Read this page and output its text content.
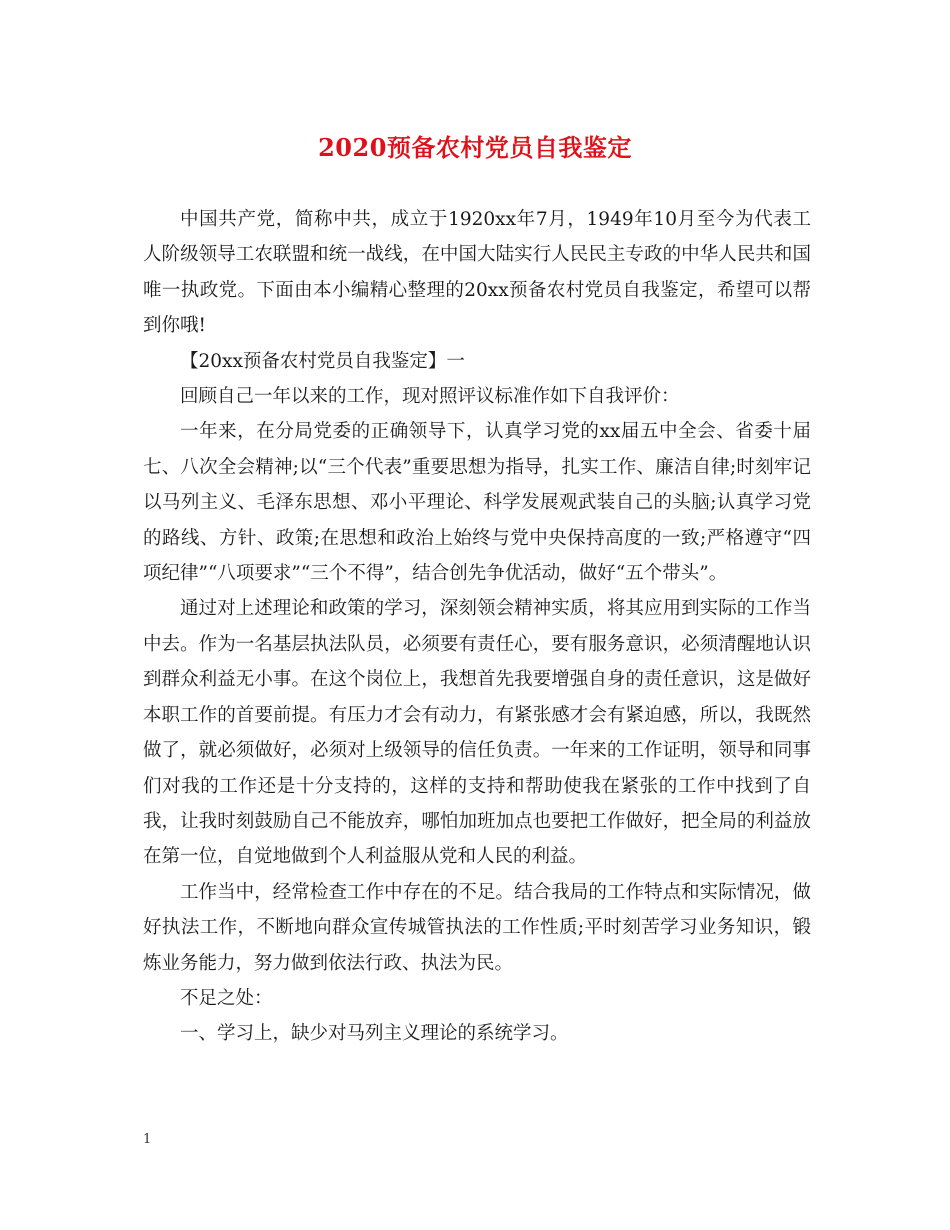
2020预备农村党员自我鉴定

中国共产党，简称中共，成立于1920xx年7月，1949年10月至今为代表工人阶级领导工农联盟和统一战线，在中国大陆实行人民民主专政的中华人民共和国唯一执政党。下面由本小编精心整理的20xx预备农村党员自我鉴定，希望可以帮到你哦!

【20xx预备农村党员自我鉴定】一

回顾自己一年以来的工作，现对照评议标准作如下自我评价：

一年来，在分局党委的正确领导下，认真学习党的xx届五中全会、省委十届七、八次全会精神;以“三个代表”重要思想为指导，扎实工作、廉洁自律;时刻牢记以马列主义、毛泽东思想、邓小平理论、科学发展观武装自己的头脑;认真学习党的路线、方针、政策;在思想和政治上始终与党中央保持高度的一致;严格遵守“四项纪律”“八项要求”“三个不得”，结合创先争优活动，做好“五个带头”。

通过对上述理论和政策的学习，深刻领会精神实质，将其应用到实际的工作当中去。作为一名基层执法队员，必须要有责任心，要有服务意识，必须清醒地认识到群众利益无小事。在这个岗位上，我想首先我要增强自身的责任意识，这是做好本职工作的首要前提。有压力才会有动力，有紧张感才会有紧迫感，所以，我既然做了，就必须做好，必须对上级领导的信任负责。一年来的工作证明，领导和同事们对我的工作还是十分支持的，这样的支持和帮助使我在紧张的工作中找到了自我，让我时刻鼓励自己不能放弃，哪怕加班加点也要把工作做好，把全局的利益放在第一位，自觉地做到个人利益服从党和人民的利益。

工作当中，经常检查工作中存在的不足。结合我局的工作特点和实际情况，做好执法工作，不断地向群众宣传城管执法的工作性质;平时刻苦学习业务知识，锻炼业务能力，努力做到依法行政、执法为民。

不足之处：

一、学习上，缺少对马列主义理论的系统学习。

1
